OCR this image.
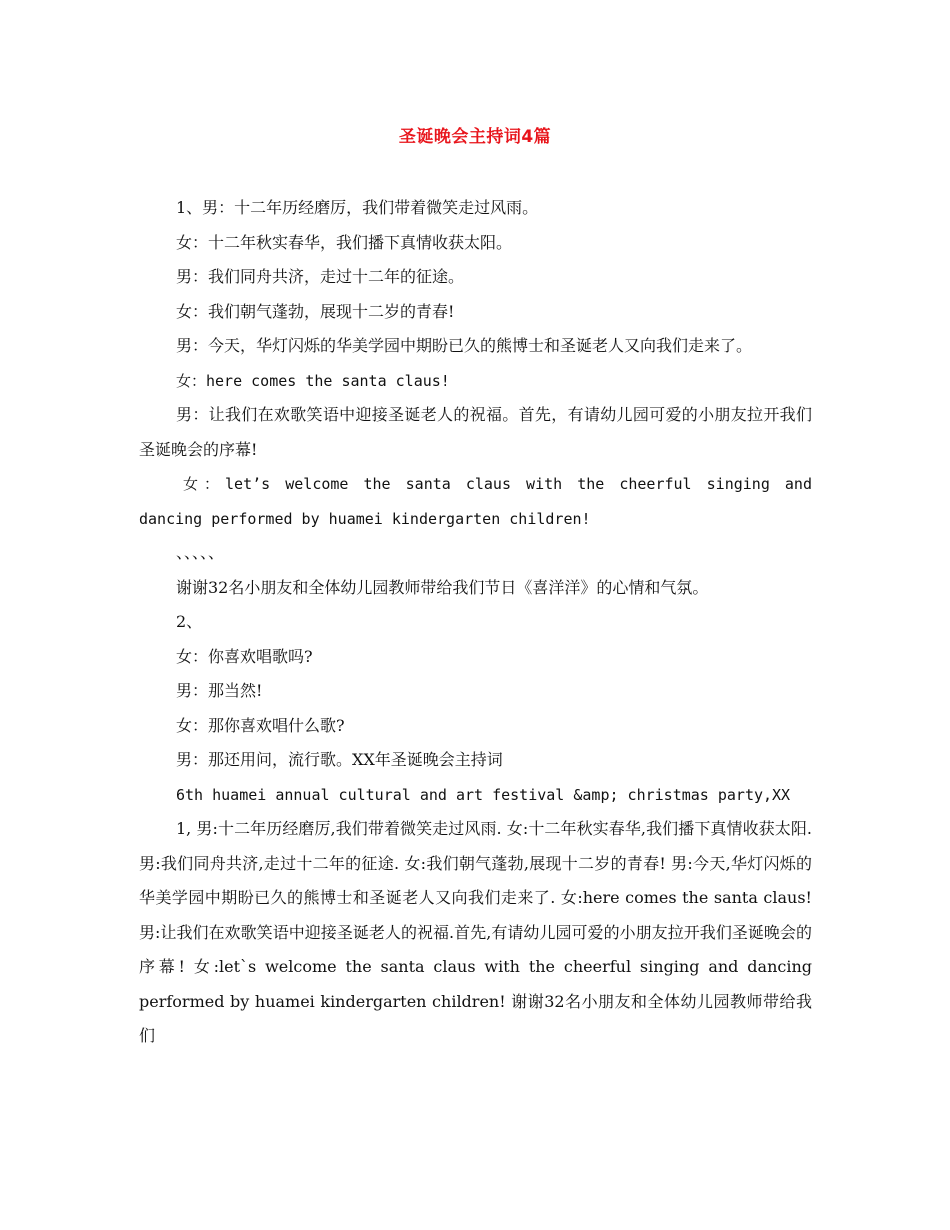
圣诞晚会主持词4篇

1、男：十二年历经磨厉，我们带着微笑走过风雨。

女：十二年秋实春华，我们播下真情收获太阳。

男：我们同舟共济，走过十二年的征途。

女：我们朝气蓬勃，展现十二岁的青春!

男：今天，华灯闪烁的华美学园中期盼已久的熊博士和圣诞老人又向我们走来了。

女：here comes the santa claus!

男：让我们在欢歌笑语中迎接圣诞老人的祝福。首先，有请幼儿园可爱的小朋友拉开我们圣诞晚会的序幕!

女：let’s welcome the santa claus with the cheerful singing and dancing performed by huamei kindergarten children!

、、、、、

谢谢32名小朋友和全体幼儿园教师带给我们节日《喜洋洋》的心情和气氛。

2、

女：你喜欢唱歌吗?

男：那当然!

女：那你喜欢唱什么歌?

男：那还用问，流行歌。XX年圣诞晚会主持词

6th huamei annual cultural and art festival &amp; christmas party,XX

1, 男:十二年历经磨厉,我们带着微笑走过风雨. 女:十二年秋实春华,我们播下真情收获太阳. 男:我们同舟共济,走过十二年的征途. 女:我们朝气蓬勃,展现十二岁的青春! 男:今天,华灯闪烁的华美学园中期盼已久的熊博士和圣诞老人又向我们走来了. 女:here comes the santa claus! 男:让我们在欢歌笑语中迎接圣诞老人的祝福.首先,有请幼儿园可爱的小朋友拉开我们圣诞晚会的序幕! 女:let`s welcome the santa claus with the cheerful singing and dancing performed by huamei kindergarten children! 谢谢32名小朋友和全体幼儿园教师带给我们
